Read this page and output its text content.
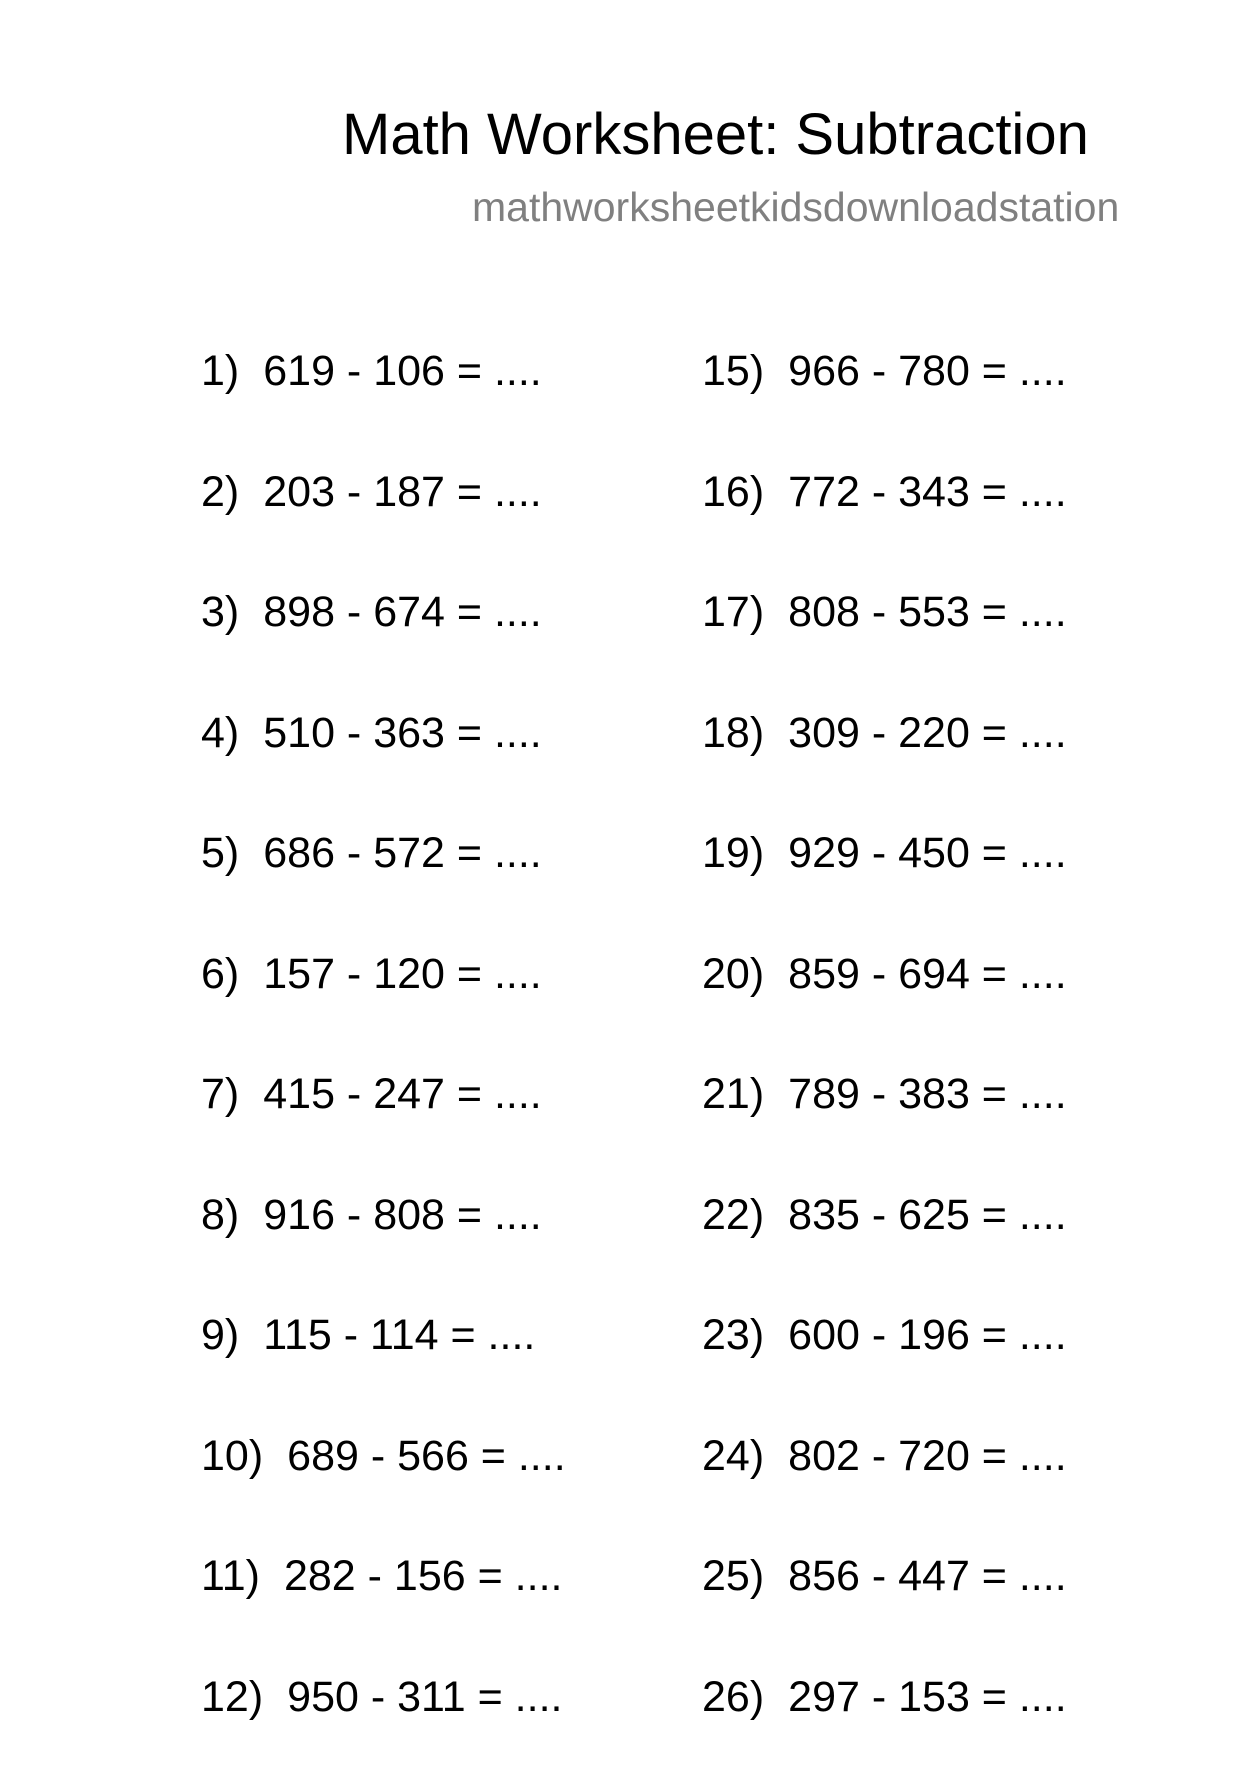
Math Worksheet: Subtraction
mathworksheetkidsdownloadstation
1) 619 - 106 = ....
2) 203 - 187 = ....
3) 898 - 674 = ....
4) 510 - 363 = ....
5) 686 - 572 = ....
6) 157 - 120 = ....
7) 415 - 247 = ....
8) 916 - 808 = ....
9) 115 - 114 = ....
10) 689 - 566 = ....
11) 282 - 156 = ....
12) 950 - 311 = ....
15) 966 - 780 = ....
16) 772 - 343 = ....
17) 808 - 553 = ....
18) 309 - 220 = ....
19) 929 - 450 = ....
20) 859 - 694 = ....
21) 789 - 383 = ....
22) 835 - 625 = ....
23) 600 - 196 = ....
24) 802 - 720 = ....
25) 856 - 447 = ....
26) 297 - 153 = ....
